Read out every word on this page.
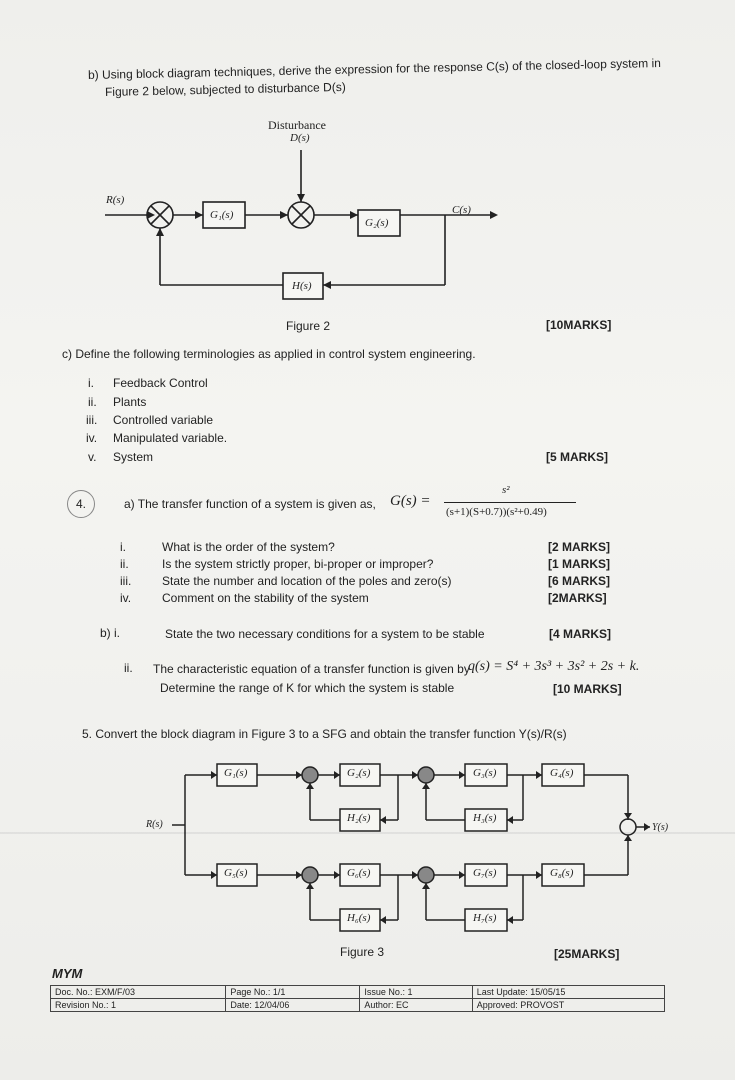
b) Using block diagram techniques, derive the expression for the response C(s) of the closed-loop system in
Figure 2 below, subjected to disturbance D(s)
Disturbance
D(s)
R(s)
C(s)
G₁(s)
G₂(s)
H(s)
Figure 2	[10MARKS]
c) Define the following terminologies as applied in control system engineering.
i. Feedback Control
ii. Plants
iii. Controlled variable
iv. Manipulated variable.
v. System	[5 MARKS]
4.	a) The transfer function of a system is given as, G(s) =
s²
(s+1)(S+0.7))(s²+0.49)
i.	What is the order of the system?	[2 MARKS]
ii.	Is the system strictly proper, bi-proper or improper?	[1 MARKS]
iii.	State the number and location of the poles and zero(s)	[6 MARKS]
iv.	Comment on the stability of the system	[2MARKS]
b) i.	State the two necessary conditions for a system to be stable	[4 MARKS]
ii. The characteristic equation of a transfer function is given by
q(s) = S⁴ + 3s³ + 3s² + 2s + k.
Determine the range of K for which the system is stable	[10 MARKS]
5. Convert the block diagram in Figure 3 to a SFG and obtain the transfer function Y(s)/R(s)
R(s)	Y(s)
G₁(s)	G₂(s)	G₃(s)	G₄(s)
H₂(s)	H₃(s)
G₅(s)	G₆(s)	G₇(s)	G₈(s)
H₆(s)	H₇(s)
Figure 3	[25MARKS]
MYM
Doc. No.: EXM/F/03	Page No.: 1/1	Issue No.: 1	Last Update: 15/05/15
Revision No.: 1	Date: 12/04/06	Author: EC	Approved: PROVOST
